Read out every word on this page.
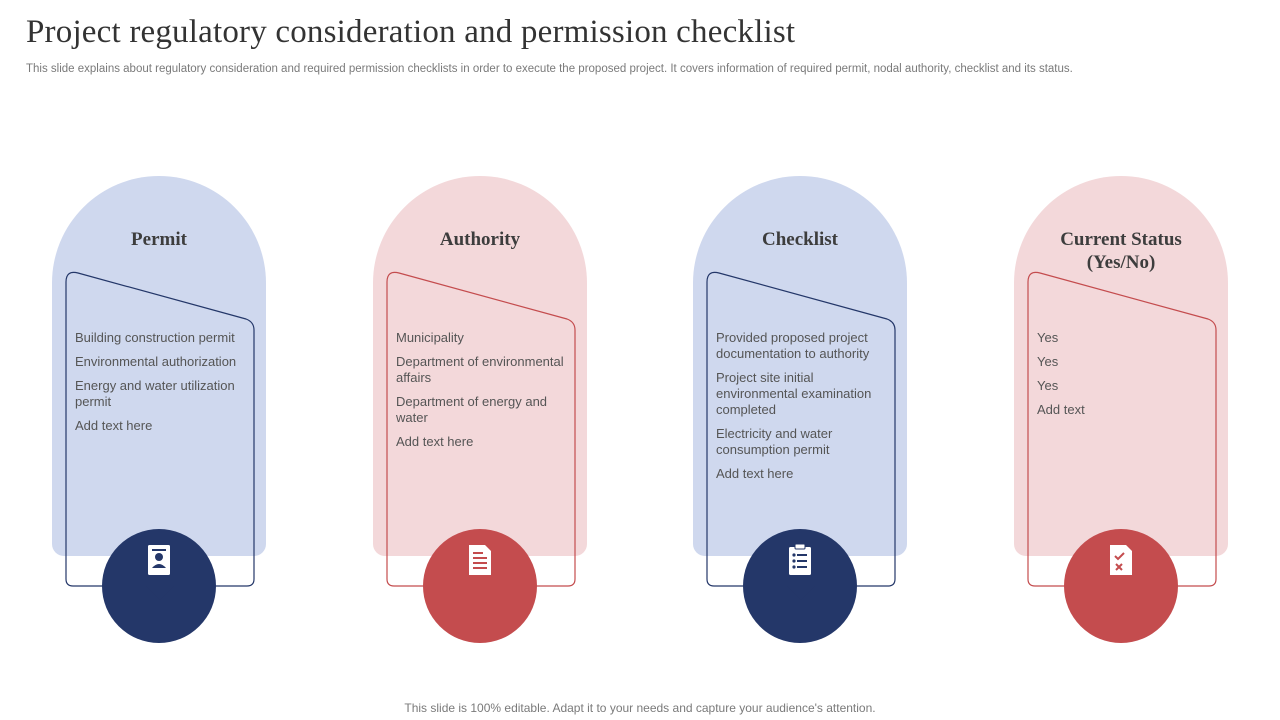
Project regulatory consideration and permission checklist
This slide explains about regulatory consideration and required permission checklists in order to execute the proposed project. It covers information of required permit, nodal authority, checklist and its status.
Permit
Building construction permit
Environmental authorization
Energy and water utilization permit
Add text here
Authority
Municipality
Department of environmental affairs
Department of energy and water
Add text here
Checklist
Provided proposed project documentation to authority
Project site initial environmental examination completed
Electricity and water consumption permit
Add text here
Current Status
(Yes/No)
Yes
Yes
Yes
Add text
This slide is 100% editable. Adapt it to your needs and capture your audience's attention.
